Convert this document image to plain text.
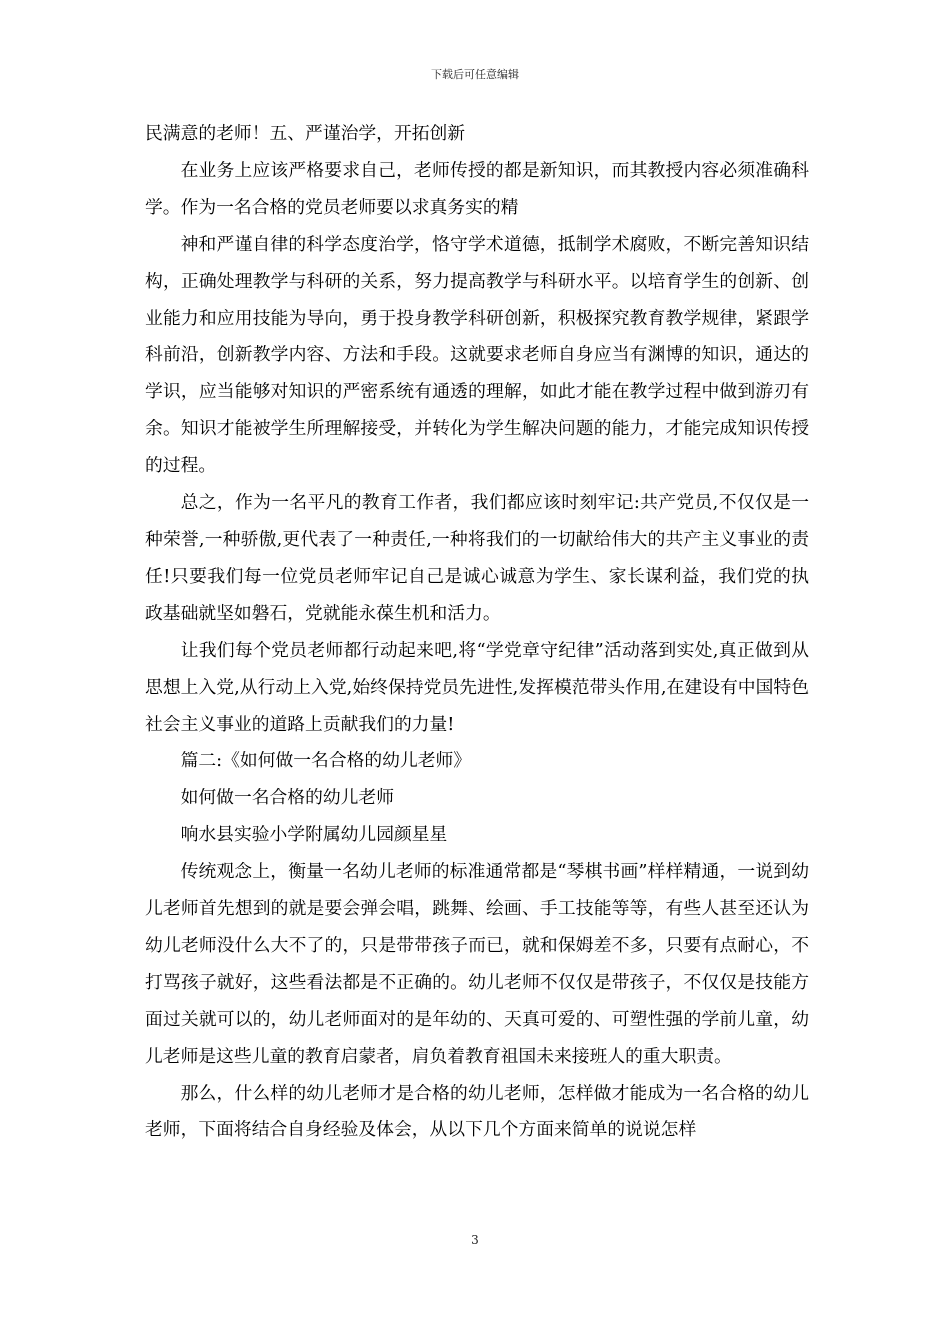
下载后可任意编辑

民满意的老师！五、严谨治学，开拓创新

在业务上应该严格要求自己，老师传授的都是新知识，而其教授内容必须准确科学。作为一名合格的党员老师要以求真务实的精

神和严谨自律的科学态度治学，恪守学术道德，抵制学术腐败，不断完善知识结构，正确处理教学与科研的关系，努力提高教学与科研水平。以培育学生的创新、创业能力和应用技能为导向，勇于投身教学科研创新，积极探究教育教学规律，紧跟学科前沿，创新教学内容、方法和手段。这就要求老师自身应当有渊博的知识，通达的学识，应当能够对知识的严密系统有通透的理解，如此才能在教学过程中做到游刃有余。知识才能被学生所理解接受，并转化为学生解决问题的能力，才能完成知识传授的过程。

总之，作为一名平凡的教育工作者，我们都应该时刻牢记:共产党员,不仅仅是一种荣誉,一种骄傲,更代表了一种责任,一种将我们的一切献给伟大的共产主义事业的责任!只要我们每一位党员老师牢记自己是诚心诚意为学生、家长谋利益，我们党的执政基础就坚如磐石，党就能永葆生机和活力。

让我们每个党员老师都行动起来吧,将“学党章守纪律”活动落到实处,真正做到从思想上入党,从行动上入党,始终保持党员先进性,发挥模范带头作用,在建设有中国特色社会主义事业的道路上贡献我们的力量!

篇二:《如何做一名合格的幼儿老师》

如何做一名合格的幼儿老师

响水县实验小学附属幼儿园颜星星

传统观念上，衡量一名幼儿老师的标准通常都是“琴棋书画”样样精通，一说到幼儿老师首先想到的就是要会弹会唱，跳舞、绘画、手工技能等等，有些人甚至还认为幼儿老师没什么大不了的，只是带带孩子而已，就和保姆差不多，只要有点耐心，不打骂孩子就好，这些看法都是不正确的。幼儿老师不仅仅是带孩子，不仅仅是技能方面过关就可以的，幼儿老师面对的是年幼的、天真可爱的、可塑性强的学前儿童，幼儿老师是这些儿童的教育启蒙者，肩负着教育祖国未来接班人的重大职责。

那么，什么样的幼儿老师才是合格的幼儿老师，怎样做才能成为一名合格的幼儿老师，下面将结合自身经验及体会，从以下几个方面来简单的说说怎样

3
